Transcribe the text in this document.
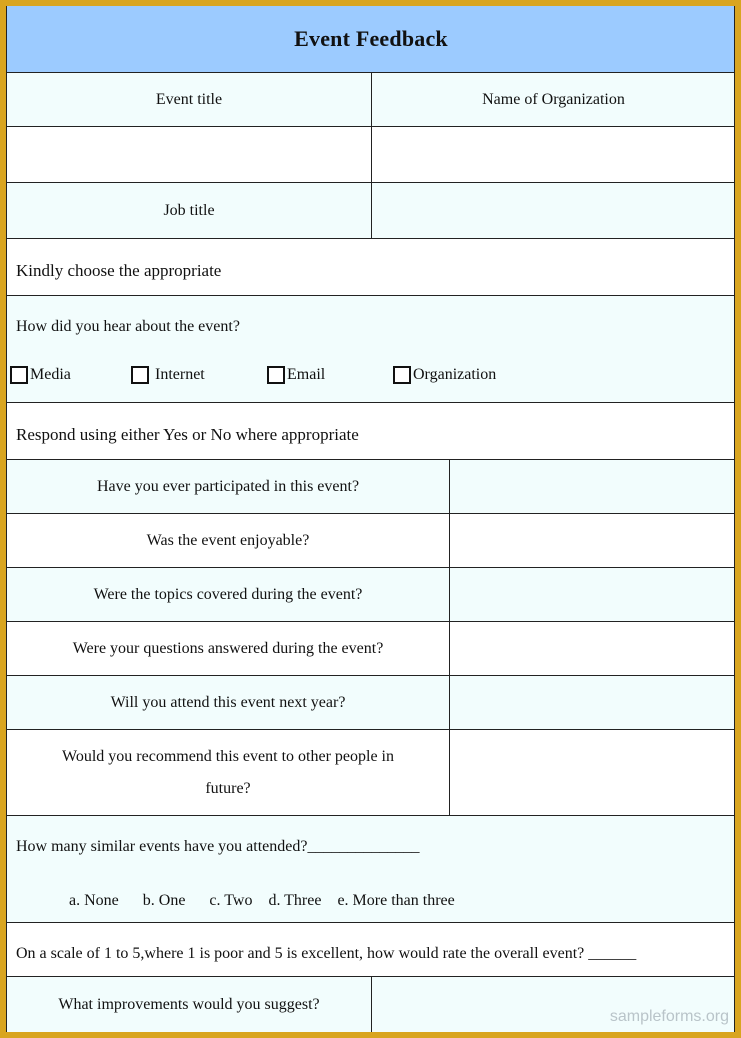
Event Feedback
Event title	Name of Organization
Job title
Kindly choose the appropriate
How did you hear about the event?
Media	Internet	Email	Organization
Respond using either Yes or No where appropriate
Have you ever participated in this event?
Was the event enjoyable?
Were the topics covered during the event?
Were your questions answered during the event?
Will you attend this event next year?
Would you recommend this event to other people in
future?
How many similar events have you attended?______________
a. None      b. One      c. Two    d. Three    e. More than three
On a scale of 1 to 5,where 1 is poor and 5 is excellent, how would rate the overall event? ______
What improvements would you suggest?
sampleforms.org
